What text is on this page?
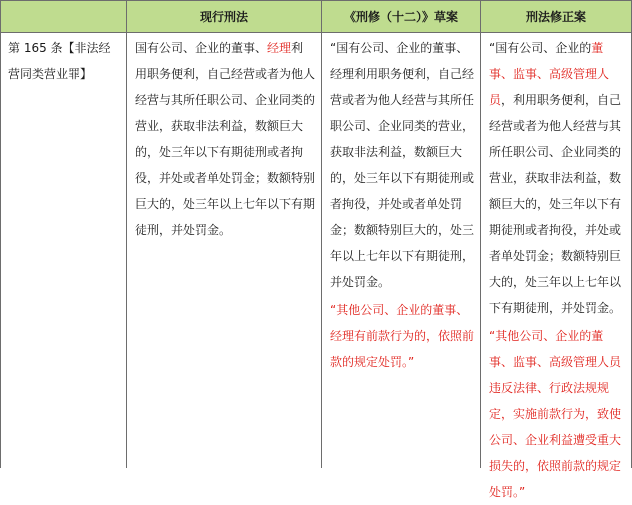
现行刑法	《刑修（十二）》草案	刑法修正案
第 165 条【非法经营同类营业罪】

国有公司、企业的董事、经理利用职务便利，自己经营或者为他人经营与其所任职公司、企业同类的营业，获取非法利益，数额巨大的，处三年以下有期徒刑或者拘役，并处或者单处罚金；数额特别巨大的，处三年以上七年以下有期徒刑，并处罚金。

“国有公司、企业的董事、经理利用职务便利，自己经营或者为他人经营与其所任职公司、企业同类的营业，获取非法利益，数额巨大的，处三年以下有期徒刑或者拘役，并处或者单处罚金；数额特别巨大的，处三年以上七年以下有期徒刑，并处罚金。

“其他公司、企业的董事、经理有前款行为的，依照前款的规定处罚。”

“国有公司、企业的董事、监事、高级管理人员，利用职务便利，自己经营或者为他人经营与其所任职公司、企业同类的营业，获取非法利益，数额巨大的，处三年以下有期徒刑或者拘役，并处或者单处罚金；数额特别巨大的，处三年以上七年以下有期徒刑，并处罚金。

“其他公司、企业的董事、监事、高级管理人员违反法律、行政法规规定，实施前款行为，致使公司、企业利益遭受重大损失的，依照前款的规定处罚。”
